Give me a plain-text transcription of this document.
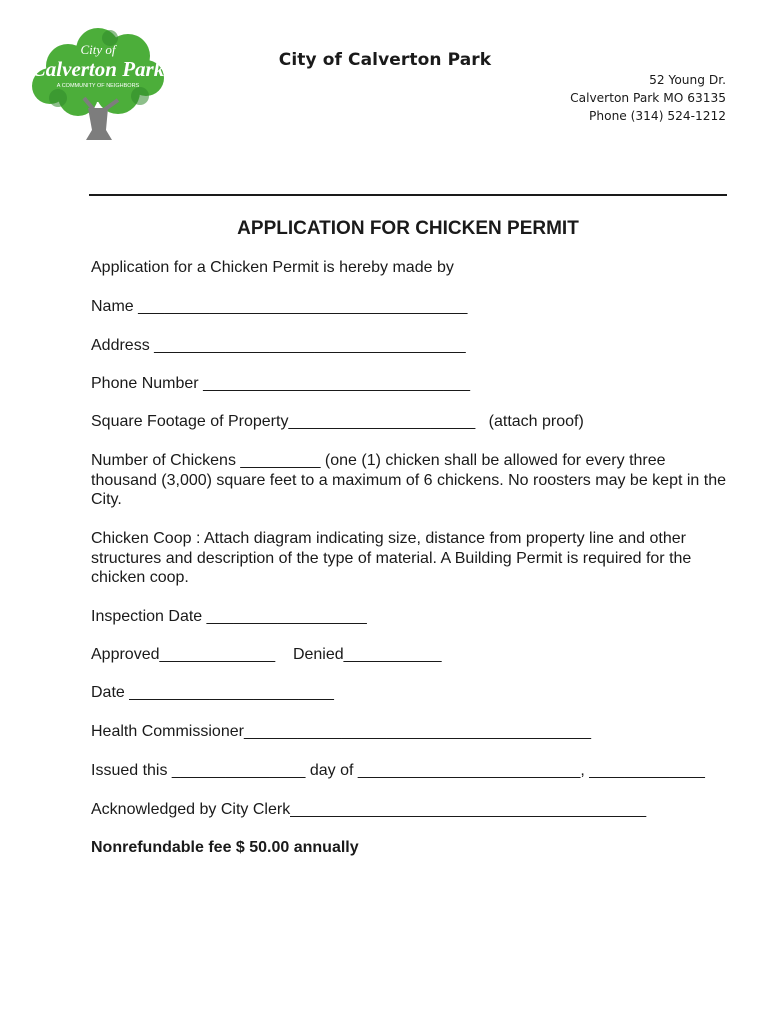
City of
Calverton Park
A COMMUNITY OF NEIGHBORS
City of Calverton Park
52 Young Dr.
Calverton Park MO 63135
Phone (314) 524-1212
APPLICATION FOR CHICKEN PERMIT
Application for a Chicken Permit is hereby made by
Name _____________________________________
Address ___________________________________
Phone Number ______________________________
Square Footage of Property_____________________   (attach proof)
Number of Chickens _________ (one (1) chicken shall be allowed for every three thousand (3,000) square feet to a maximum of 6 chickens. No roosters may be kept in the City.
Chicken Coop : Attach diagram indicating size, distance from property line and other structures and description of the type of material. A Building Permit is required for the chicken coop.
Inspection Date __________________
Approved_____________    Denied___________
Date _______________________
Health Commissioner_______________________________________
Issued this _______________ day of _________________________, _____________
Acknowledged by City Clerk________________________________________
Nonrefundable fee $ 50.00 annually
